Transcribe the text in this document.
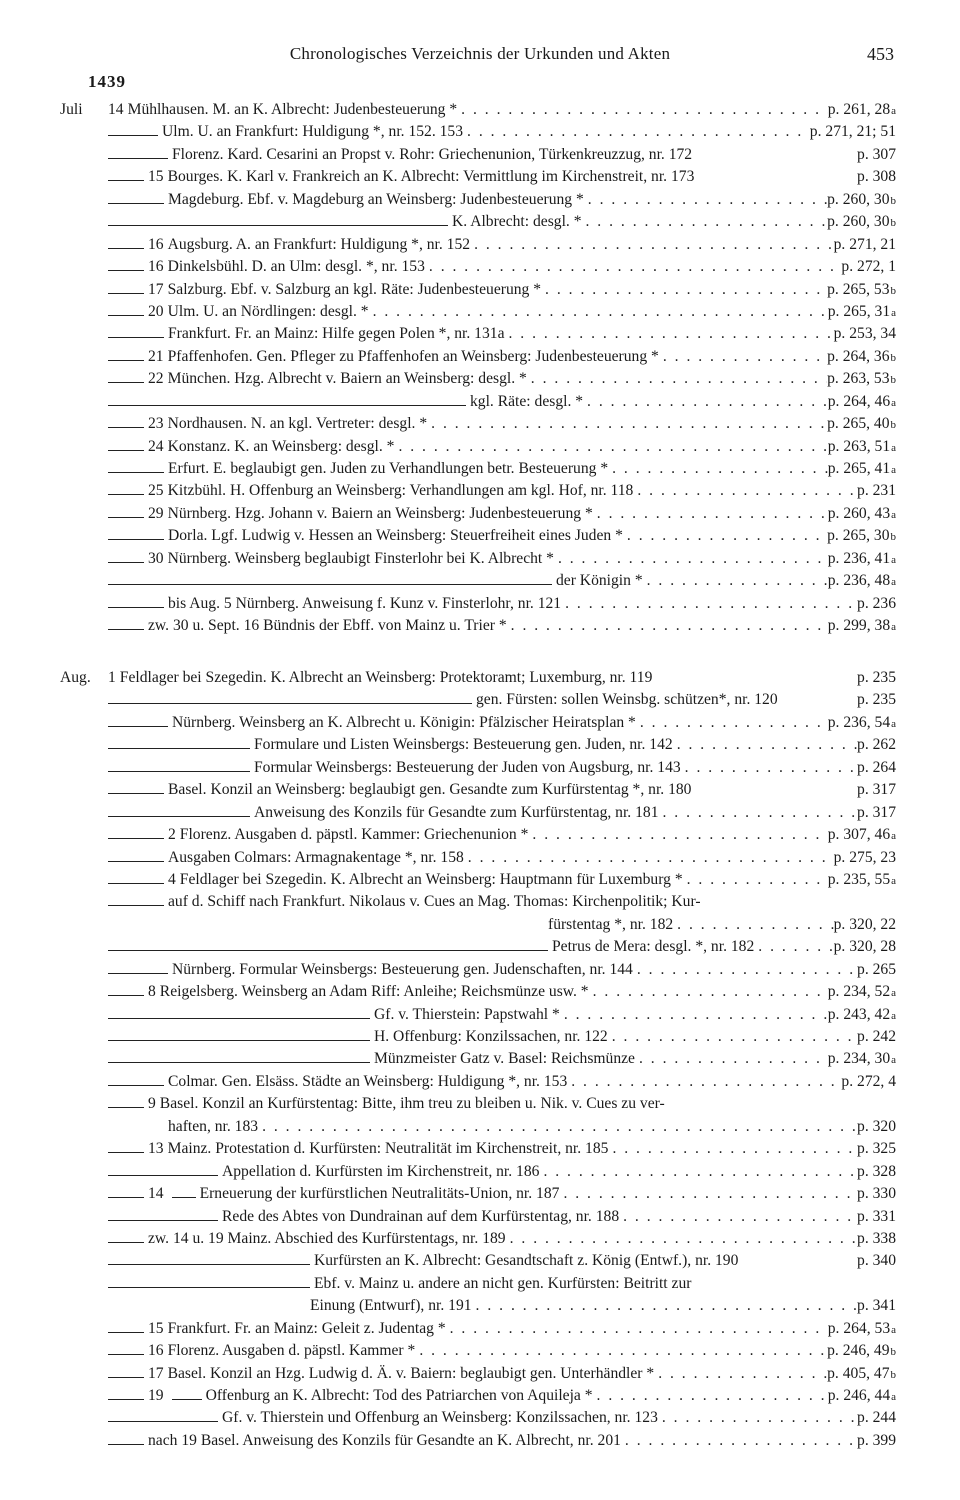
Chronologisches Verzeichnis der Urkunden und Akten	453
1439
Juli	14 Mühlhausen. M. an K. Albrecht: Judenbesteuerung * . . .	p. 261, 28a
Ulm. U. an Frankfurt: Huldigung *, nr. 152. 153 . . .	p. 271, 21; 51
Florenz. Kard. Cesarini an Propst v. Rohr: Griechenunion, Türkenkreuzzug, nr. 172	p. 307
15 Bourges. K. Karl v. Frankreich an K. Albrecht: Vermittlung im Kirchenstreit, nr. 173	p. 308
Magdeburg. Ebf. v. Magdeburg an Weinsberg: Judenbesteuerung * . . .	p. 260, 30b
K. Albrecht: desgl. * . . .	p. 260, 30b
16 Augsburg. A. an Frankfurt: Huldigung *, nr. 152 . . .	p. 271, 21
16 Dinkelsbühl. D. an Ulm: desgl. *, nr. 153 . . .	p. 272, 1
17 Salzburg. Ebf. v. Salzburg an kgl. Räte: Judenbesteuerung * . . .	p. 265, 53b
20 Ulm. U. an Nördlingen: desgl. * . . .	p. 265, 31a
Frankfurt. Fr. an Mainz: Hilfe gegen Polen *, nr. 131a . . .	p. 253, 34
21 Pfaffenhofen. Gen. Pfleger zu Pfaffenhofen an Weinsberg: Judenbesteuerung * . . .	p. 264, 36b
22 München. Hzg. Albrecht v. Baiern an Weinsberg: desgl. * . . .	p. 263, 53b
kgl. Räte: desgl. * . . .	p. 264, 46a
23 Nordhausen. N. an kgl. Vertreter: desgl. * . . .	p. 265, 40b
24 Konstanz. K. an Weinsberg: desgl. * . . .	p. 263, 51a
Erfurt. E. beglaubigt gen. Juden zu Verhandlungen betr. Besteuerung * . . .	p. 265, 41a
25 Kitzbühl. H. Offenburg an Weinsberg: Verhandlungen am kgl. Hof, nr. 118 . . .	p. 231
29 Nürnberg. Hzg. Johann v. Baiern an Weinsberg: Judenbesteuerung * . . .	p. 260, 43a
Dorla. Lgf. Ludwig v. Hessen an Weinsberg: Steuerfreiheit eines Juden * . . .	p. 265, 30b
30 Nürnberg. Weinsberg beglaubigt Finsterlohr bei K. Albrecht * . . .	p. 236, 41a
der Königin * . . .	p. 236, 48a
bis Aug. 5 Nürnberg. Anweisung f. Kunz v. Finsterlohr, nr. 121 . . .	p. 236
zw. 30 u. Sept. 16 Bündnis der Ebff. von Mainz u. Trier * . . .	p. 299, 38a
Aug.	1 Feldlager bei Szegedin. K. Albrecht an Weinsberg: Protektoramt; Luxemburg, nr. 119	p. 235
gen. Fürsten: sollen Weinsbg. schützen*, nr. 120	p. 235
Nürnberg. Weinsberg an K. Albrecht u. Königin: Pfälzischer Heiratsplan * . . .	p. 236, 54a
Formulare und Listen Weinsbergs: Besteuerung gen. Juden, nr. 142 . . .	p. 262
Formular Weinsbergs: Besteuerung der Juden von Augsburg, nr. 143 . . .	p. 264
Basel. Konzil an Weinsberg: beglaubigt gen. Gesandte zum Kurfürstentag *, nr. 180	p. 317
Anweisung des Konzils für Gesandte zum Kurfürstentag, nr. 181 . . .	p. 317
2 Florenz. Ausgaben d. päpstl. Kammer: Griechenunion * . . .	p. 307, 46a
Ausgaben Colmars: Armagnakentage *, nr. 158 . . .	p. 275, 23
4 Feldlager bei Szegedin. K. Albrecht an Weinsberg: Hauptmann für Luxemburg * . . .	p. 235, 55a
auf d. Schiff nach Frankfurt. Nikolaus v. Cues an Mag. Thomas: Kirchenpolitik; Kur-
fürstentag *, nr. 182 . . .	p. 320, 22
Petrus de Mera: desgl. *, nr. 182 . . .	p. 320, 28
Nürnberg. Formular Weinsbergs: Besteuerung gen. Judenschaften, nr. 144 . . .	p. 265
8 Reigelsberg. Weinsberg an Adam Riff: Anleihe; Reichsmünze usw. * . . .	p. 234, 52a
Gf. v. Thierstein: Papstwahl * . . .	p. 243, 42a
H. Offenburg: Konzilssachen, nr. 122 . . .	p. 242
Münzmeister Gatz v. Basel: Reichsmünze . . .	p. 234, 30a
Colmar. Gen. Elsäss. Städte an Weinsberg: Huldigung *, nr. 153 . . .	p. 272, 4
9 Basel. Konzil an Kurfürstentag: Bitte, ihm treu zu bleiben u. Nik. v. Cues zu ver-
haften, nr. 183 . . .	p. 320
13 Mainz. Protestation d. Kurfürsten: Neutralität im Kirchenstreit, nr. 185 . . .	p. 325
Appellation d. Kurfürsten im Kirchenstreit, nr. 186 . . .	p. 328
14 Erneuerung der kurfürstlichen Neutralitäts-Union, nr. 187 . . .	p. 330
Rede des Abtes von Dundrainan auf dem Kurfürstentag, nr. 188 . . .	p. 331
zw. 14 u. 19 Mainz. Abschied des Kurfürstentags, nr. 189 . . .	p. 338
Kurfürsten an K. Albrecht: Gesandtschaft z. König (Entwf.), nr. 190	p. 340
Ebf. v. Mainz u. andere an nicht gen. Kurfürsten: Beitritt zur
Einung (Entwurf), nr. 191 . . .	p. 341
15 Frankfurt. Fr. an Mainz: Geleit z. Judentag * . . .	p. 264, 53a
16 Florenz. Ausgaben d. päpstl. Kammer * . . .	p. 246, 49b
17 Basel. Konzil an Hzg. Ludwig d. Ä. v. Baiern: beglaubigt gen. Unterhändler * . . .	p. 405, 47b
19	Offenburg an K. Albrecht: Tod des Patriarchen von Aquileja * . . .	p. 246, 44a
Gf. v. Thierstein und Offenburg an Weinsberg: Konzilssachen, nr. 123 . . .	p. 244
nach 19 Basel. Anweisung des Konzils für Gesandte an K. Albrecht, nr. 201 . . .	p. 399
